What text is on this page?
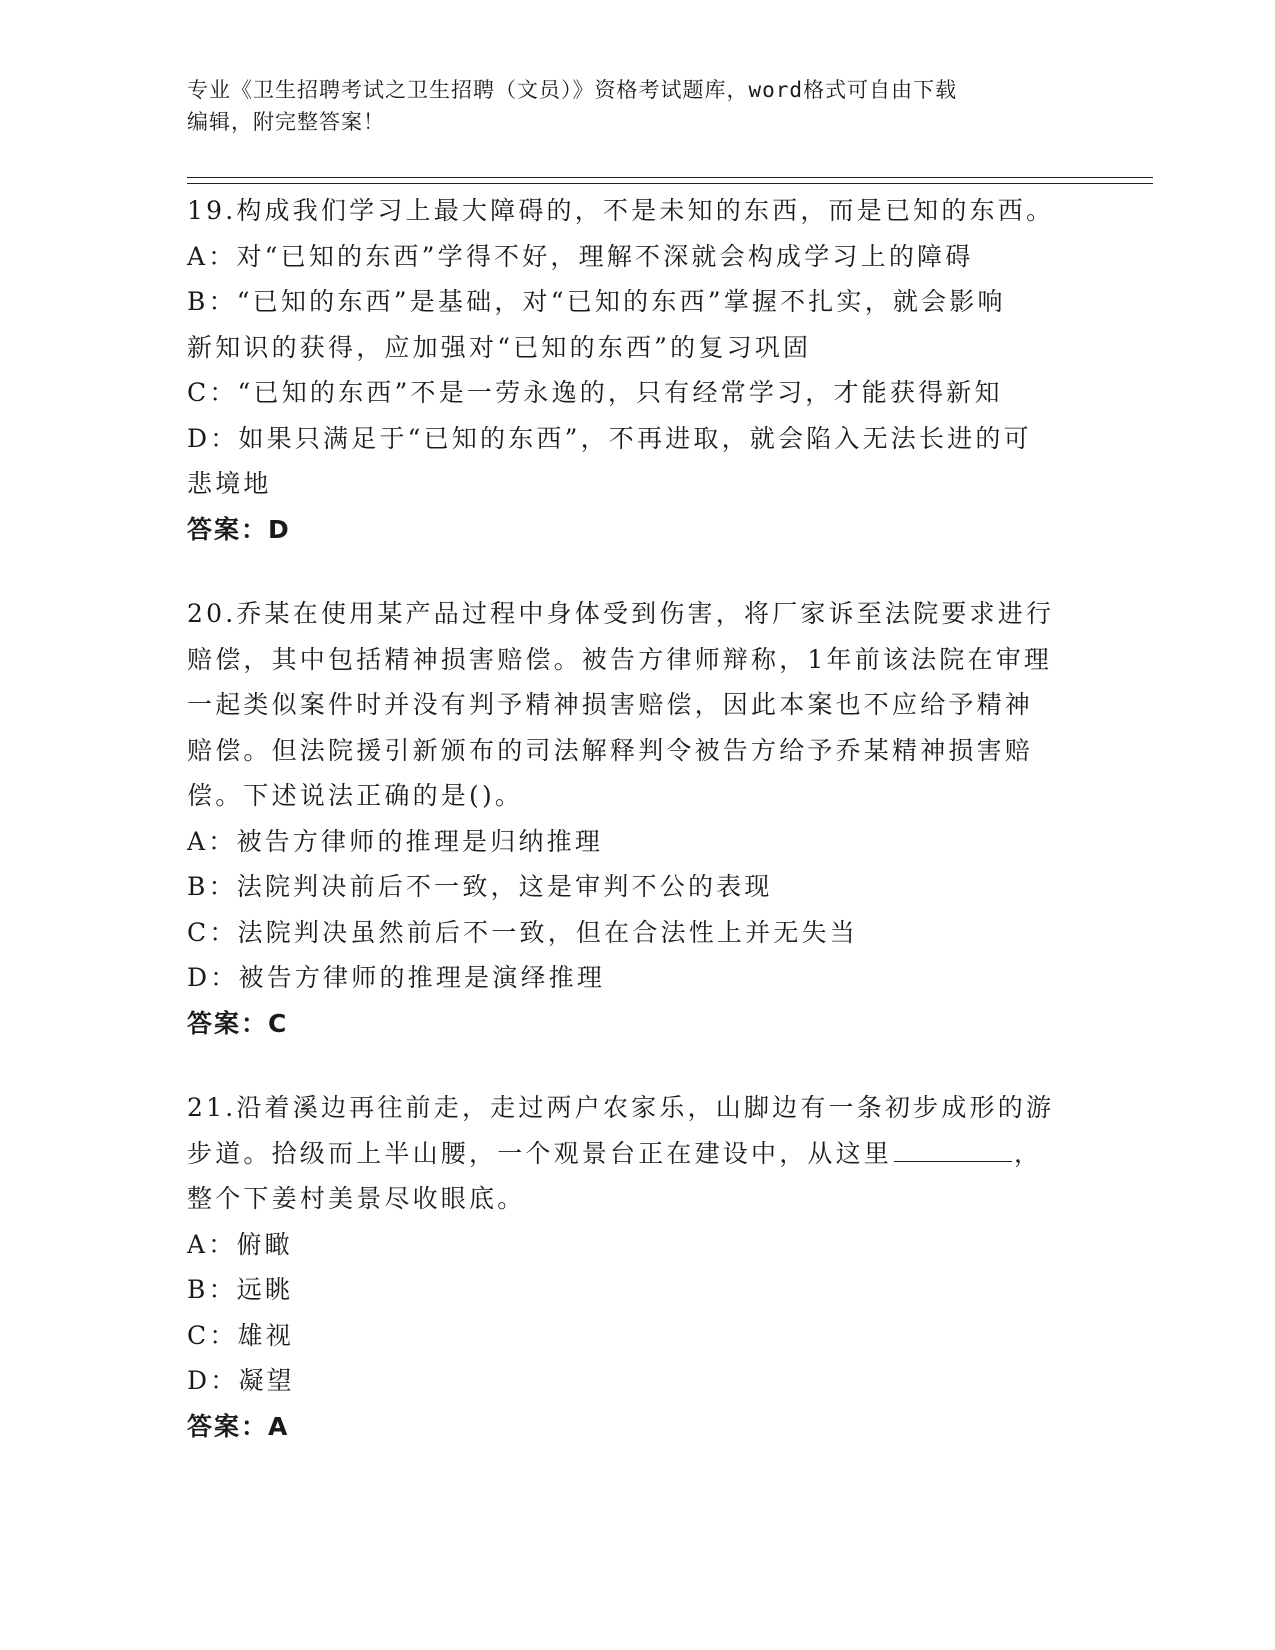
专业《卫生招聘考试之卫生招聘（文员）》资格考试题库，word格式可自由下载
编辑，附完整答案！

19.构成我们学习上最大障碍的，不是未知的东西，而是已知的东西。

A：对“已知的东西”学得不好，理解不深就会构成学习上的障碍

B：“已知的东西”是基础，对“已知的东西”掌握不扎实，就会影响

新知识的获得，应加强对“已知的东西”的复习巩固

C：“已知的东西”不是一劳永逸的，只有经常学习，才能获得新知

D：如果只满足于“已知的东西”，不再进取，就会陷入无法长进的可

悲境地

答案：D

20.乔某在使用某产品过程中身体受到伤害，将厂家诉至法院要求进行

赔偿，其中包括精神损害赔偿。被告方律师辩称，1年前该法院在审理

一起类似案件时并没有判予精神损害赔偿，因此本案也不应给予精神

赔偿。但法院援引新颁布的司法解释判令被告方给予乔某精神损害赔

偿。下述说法正确的是()。

A：被告方律师的推理是归纳推理

B：法院判决前后不一致，这是审判不公的表现

C：法院判决虽然前后不一致，但在合法性上并无失当

D：被告方律师的推理是演绎推理

答案：C

21.沿着溪边再往前走，走过两户农家乐，山脚边有一条初步成形的游

步道。拾级而上半山腰，一个观景台正在建设中，从这里	，

整个下姜村美景尽收眼底。

A：俯瞰

B：远眺

C：雄视

D：凝望

答案：A
